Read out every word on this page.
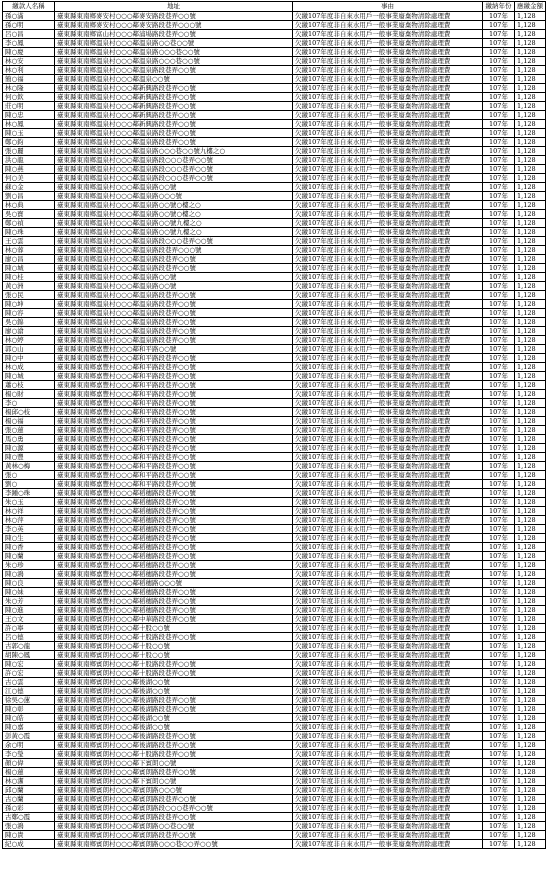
繳款人名稱	地址	事由	繳納年份	應繳金額
孫○滿	臺東縣東南鄉麥安村○○○鄰麥安路段巷弄○○號	欠繳107年度非自來水用戶一般事業廢棄物清除處理費	107年	1,128
孫○明	臺東縣東南鄉麥安村○○○鄰麥安路段巷弄○○○號	欠繳107年度非自來水用戶一般事業廢棄物清除處理費	107年	1,128
呂○昌	臺東縣東南鄉富山村○○○鄰浦場路段巷弄○○號	欠繳107年度非自來水用戶一般事業廢棄物清除處理費	107年	1,128
李○鳳	臺東縣東南鄉溫泉村○○○鄰溫泉路○○巷○○號	欠繳107年度非自來水用戶一般事業廢棄物清除處理費	107年	1,128
陳○慶	臺東縣東南鄉溫泉村○○○鄰溫泉路○○○巷○○號	欠繳107年度非自來水用戶一般事業廢棄物清除處理費	107年	1,128
林○安	臺東縣東南鄉溫泉村○○○鄰溫泉路○○○巷○○號	欠繳107年度非自來水用戶一般事業廢棄物清除處理費	107年	1,128
林○利	臺東縣東南鄉溫泉村○○○鄰溫泉路段巷弄○○號	欠繳107年度非自來水用戶一般事業廢棄物清除處理費	107年	1,128
簡○福	臺東縣東南鄉溫泉村○○○鄰溫泉○○號	欠繳107年度非自來水用戶一般事業廢棄物清除處理費	107年	1,128
林○隆	臺東縣東南鄉溫泉村○○○鄰新興路段巷弄○○號	欠繳107年度非自來水用戶一般事業廢棄物清除處理費	107年	1,128
何○欽	臺東縣東南鄉溫泉村○○○鄰新興路段巷弄○○號	欠繳107年度非自來水用戶一般事業廢棄物清除處理費	107年	1,128
莊○明	臺東縣東南鄉溫泉村○○○鄰新興路段巷弄○○號	欠繳107年度非自來水用戶一般事業廢棄物清除處理費	107年	1,128
陳○忠	臺東縣東南鄉溫泉村○○○鄰新興路段巷弄○○號	欠繳107年度非自來水用戶一般事業廢棄物清除處理費	107年	1,128
林○鳳	臺東縣東南鄉溫泉村○○○鄰新興路段巷弄○○號	欠繳107年度非自來水用戶一般事業廢棄物清除處理費	107年	1,128
陳○玉	臺東縣東南鄉溫泉村○○○鄰溫泉路段巷弄○○號	欠繳107年度非自來水用戶一般事業廢棄物清除處理費	107年	1,128
鄭○鈞	臺東縣東南鄉溫泉村○○○鄰溫泉路段巷弄○○號	欠繳107年度非自來水用戶一般事業廢棄物清除處理費	107年	1,128
張○麗	臺東縣東南鄉溫泉村○○○鄰溫泉路○○○巷○○號九樓之○	欠繳107年度非自來水用戶一般事業廢棄物清除處理費	107年	1,128
洪○龍	臺東縣東南鄉溫泉村○○○鄰溫泉路段○○○巷弄○○號	欠繳107年度非自來水用戶一般事業廢棄物清除處理費	107年	1,128
陳○燕	臺東縣東南鄉溫泉村○○○鄰溫泉路段○○○巷弄○○號	欠繳107年度非自來水用戶一般事業廢棄物清除處理費	107年	1,128
何○美	臺東縣東南鄉溫泉村○○○鄰溫泉路段○○○巷弄○○號	欠繳107年度非自來水用戶一般事業廢棄物清除處理費	107年	1,128
蘇○金	臺東縣東南鄉溫泉村○○○鄰溫泉路○○號	欠繳107年度非自來水用戶一般事業廢棄物清除處理費	107年	1,128
劉○昌	臺東縣東南鄉溫泉村○○○鄰溫泉路○○○號	欠繳107年度非自來水用戶一般事業廢棄物清除處理費	107年	1,128
林○典	臺東縣東南鄉溫泉村○○○鄰溫泉路○○號○樓之○	欠繳107年度非自來水用戶一般事業廢棄物清除處理費	107年	1,128
吳○寶	臺東縣東南鄉溫泉村○○○鄰溫泉路○○號○樓之○	欠繳107年度非自來水用戶一般事業廢棄物清除處理費	107年	1,128
鄭○禎	臺東縣東南鄉溫泉村○○○鄰溫泉路○○號九樓之○	欠繳107年度非自來水用戶一般事業廢棄物清除處理費	107年	1,128
陳○珠	臺東縣東南鄉溫泉村○○○鄰溫泉路○○號九樓之○	欠繳107年度非自來水用戶一般事業廢棄物清除處理費	107年	1,128
王○雲	臺東縣東南鄉溫泉村○○○鄰溫泉路段○○○巷弄○○號	欠繳107年度非自來水用戶一般事業廢棄物清除處理費	107年	1,128
林○蓉	臺東縣東南鄉溫泉村○○○鄰溫泉路段巷弄○○○號	欠繳107年度非自來水用戶一般事業廢棄物清除處理費	107年	1,128
廖○昌	臺東縣東南鄉溫泉村○○○鄰溫泉路段巷弄○○號	欠繳107年度非自來水用戶一般事業廢棄物清除處理費	107年	1,128
陳○城	臺東縣東南鄉溫泉村○○○鄰溫泉路段巷弄○○號	欠繳107年度非自來水用戶一般事業廢棄物清除處理費	107年	1,128
陳○桂	臺東縣東南鄉溫泉村○○○鄰溫泉路○○號	欠繳107年度非自來水用戶一般事業廢棄物清除處理費	107年	1,128
黃○洲	臺東縣東南鄉溫泉村○○○鄰溫泉路○○號	欠繳107年度非自來水用戶一般事業廢棄物清除處理費	107年	1,128
張○民	臺東縣東南鄉溫泉村○○○鄰溫泉路段巷弄○○號	欠繳107年度非自來水用戶一般事業廢棄物清除處理費	107年	1,128
陳○坤	臺東縣東南鄉溫泉村○○○鄰溫泉路段巷弄○○號	欠繳107年度非自來水用戶一般事業廢棄物清除處理費	107年	1,128
陳○容	臺東縣東南鄉溫泉村○○○鄰溫泉路段巷弄○○號	欠繳107年度非自來水用戶一般事業廢棄物清除處理費	107年	1,128
吳○錦	臺東縣東南鄉溫泉村○○○鄰溫泉路段巷弄○○號	欠繳107年度非自來水用戶一般事業廢棄物清除處理費	107年	1,128
廖○滄	臺東縣東南鄉溫泉村○○○鄰溫泉路段巷弄○○號	欠繳107年度非自來水用戶一般事業廢棄物清除處理費	107年	1,128
林○婷	臺東縣東南鄉溫泉村○○○鄰溫泉路段巷弄○○號	欠繳107年度非自來水用戶一般事業廢棄物清除處理費	107年	1,128
郭○山	臺東縣東南鄉嘉豐村○○○鄰和平路○○號	欠繳107年度非自來水用戶一般事業廢棄物清除處理費	107年	1,128
陳○中	臺東縣東南鄉嘉豐村○○○鄰和平路段巷弄○○號	欠繳107年度非自來水用戶一般事業廢棄物清除處理費	107年	1,128
林○成	臺東縣東南鄉嘉豐村○○○鄰和平路段巷弄○○號	欠繳107年度非自來水用戶一般事業廢棄物清除處理費	107年	1,128
陳○城	臺東縣東南鄉嘉豐村○○○鄰和平路段巷弄○○號	欠繳107年度非自來水用戶一般事業廢棄物清除處理費	107年	1,128
蕭○枝	臺東縣東南鄉嘉豐村○○○鄰和平路段巷弄○○號	欠繳107年度非自來水用戶一般事業廢棄物清除處理費	107年	1,128
楊○財	臺東縣東南鄉嘉豐村○○○鄰和平路段巷弄○○號	欠繳107年度非自來水用戶一般事業廢棄物清除處理費	107年	1,128
李○	臺東縣東南鄉嘉豐村○○○鄰和平路段巷弄○○號	欠繳107年度非自來水用戶一般事業廢棄物清除處理費	107年	1,128
楊邱○枝	臺東縣東南鄉嘉豐村○○○鄰和平路段巷弄○○號	欠繳107年度非自來水用戶一般事業廢棄物清除處理費	107年	1,128
楊○福	臺東縣東南鄉嘉豐村○○○鄰和平路段巷弄○○號	欠繳107年度非自來水用戶一般事業廢棄物清除處理費	107年	1,128
張○蓮	臺東縣東南鄉嘉豐村○○○鄰和平路段巷弄○○號	欠繳107年度非自來水用戶一般事業廢棄物清除處理費	107年	1,128
馬○勇	臺東縣東南鄉嘉豐村○○○鄰和平路段巷弄○○號	欠繳107年度非自來水用戶一般事業廢棄物清除處理費	107年	1,128
陳○源	臺東縣東南鄉嘉豐村○○○鄰和平路段巷弄○○號	欠繳107年度非自來水用戶一般事業廢棄物清除處理費	107年	1,128
陳○豐	臺東縣東南鄉嘉豐村○○○鄰和平路段巷弄○○號	欠繳107年度非自來水用戶一般事業廢棄物清除處理費	107年	1,128
黃林○梅	臺東縣東南鄉嘉豐村○○○鄰和平路段巷弄○○號	欠繳107年度非自來水用戶一般事業廢棄物清除處理費	107年	1,128
張○	臺東縣東南鄉嘉豐村○○○鄰和平路段巷弄○○號	欠繳107年度非自來水用戶一般事業廢棄物清除處理費	107年	1,128
劉○	臺東縣東南鄉嘉豐村○○○鄰和平路段巷弄○○號	欠繳107年度非自來水用戶一般事業廢棄物清除處理費	107年	1,128
李鍾○珠	臺東縣東南鄉嘉豐村○○○鄰稻穗路段巷弄○○號	欠繳107年度非自來水用戶一般事業廢棄物清除處理費	107年	1,128
朱○玉	臺東縣東南鄉嘉豐村○○○鄰稻穗路段巷弄○○號	欠繳107年度非自來水用戶一般事業廢棄物清除處理費	107年	1,128
林○祥	臺東縣東南鄉嘉豐村○○○鄰稻穗路段巷弄○○號	欠繳107年度非自來水用戶一般事業廢棄物清除處理費	107年	1,128
林○萍	臺東縣東南鄉嘉豐村○○○鄰稻穗路段巷弄○○號	欠繳107年度非自來水用戶一般事業廢棄物清除處理費	107年	1,128
李○英	臺東縣東南鄉嘉豐村○○○鄰稻穗路段巷弄○○號	欠繳107年度非自來水用戶一般事業廢棄物清除處理費	107年	1,128
陳○生	臺東縣東南鄉嘉豐村○○○鄰稻穗路段巷弄○○號	欠繳107年度非自來水用戶一般事業廢棄物清除處理費	107年	1,128
陳○香	臺東縣東南鄉嘉豐村○○○鄰稻穗路段巷弄○○號	欠繳107年度非自來水用戶一般事業廢棄物清除處理費	107年	1,128
陳○蘭	臺東縣東南鄉嘉豐村○○○鄰稻穗路段巷弄○○號	欠繳107年度非自來水用戶一般事業廢棄物清除處理費	107年	1,128
朱○珍	臺東縣東南鄉嘉豐村○○○鄰稻穗路段巷弄○○號	欠繳107年度非自來水用戶一般事業廢棄物清除處理費	107年	1,128
陳○鴻	臺東縣東南鄉嘉豐村○○○鄰稻穗路段巷弄○○號	欠繳107年度非自來水用戶一般事業廢棄物清除處理費	107年	1,128
陳○良	臺東縣東南鄉嘉豐村○○○鄰稻穗路○○○號	欠繳107年度非自來水用戶一般事業廢棄物清除處理費	107年	1,128
陳○妹	臺東縣東南鄉嘉豐村○○○鄰稻穗路段巷弄○○號	欠繳107年度非自來水用戶一般事業廢棄物清除處理費	107年	1,128
朱○芳	臺東縣東南鄉嘉豐村○○○鄰稻穗路段巷弄○○號	欠繳107年度非自來水用戶一般事業廢棄物清除處理費	107年	1,128
陳○進	臺東縣東南鄉嘉豐村○○○鄰稻穗路段巷弄○○號	欠繳107年度非自來水用戶一般事業廢棄物清除處理費	107年	1,128
王○文	臺東縣東南鄉賓朗村○○○鄰中華路段巷弄○○號	欠繳107年度非自來水用戶一般事業廢棄物清除處理費	107年	1,128
許○寧	臺東縣東南鄉賓朗村○○○鄰十股○○號	欠繳107年度非自來水用戶一般事業廢棄物清除處理費	107年	1,128
呂○德	臺東縣東南鄉賓朗村○○○鄰十股路段巷弄○○號	欠繳107年度非自來水用戶一般事業廢棄物清除處理費	107年	1,128
古郭○龍	臺東縣東南鄉賓朗村○○○鄰十股○○號	欠繳107年度非自來水用戶一般事業廢棄物清除處理費	107年	1,128
胡陳○鳳	臺東縣東南鄉賓朗村○○○鄰十股○○號	欠繳107年度非自來水用戶一般事業廢棄物清除處理費	107年	1,128
陳○宏	臺東縣東南鄉賓朗村○○○鄰十股路段巷弄○○號	欠繳107年度非自來水用戶一般事業廢棄物清除處理費	107年	1,128
許○宏	臺東縣東南鄉賓朗村○○○鄰十股路段巷弄○○號	欠繳107年度非自來水用戶一般事業廢棄物清除處理費	107年	1,128
古○雲	臺東縣東南鄉賓朗村○○○鄰後湖○○號	欠繳107年度非自來水用戶一般事業廢棄物清除處理費	107年	1,128
江○德	臺東縣東南鄉賓朗村○○○鄰後湖○○號	欠繳107年度非自來水用戶一般事業廢棄物清除處理費	107年	1,128
徐吳○蓮	臺東縣東南鄉賓朗村○○○鄰後湖路段巷弄○○號	欠繳107年度非自來水用戶一般事業廢棄物清除處理費	107年	1,128
陳○彰	臺東縣東南鄉賓朗村○○○鄰後湖路段巷弄○○號	欠繳107年度非自來水用戶一般事業廢棄物清除處理費	107年	1,128
陳○皓	臺東縣東南鄉賓朗村○○○鄰後湖○○號	欠繳107年度非自來水用戶一般事業廢棄物清除處理費	107年	1,128
陳○嘉	臺東縣東南鄉賓朗村○○○鄰後湖○○號	欠繳107年度非自來水用戶一般事業廢棄物清除處理費	107年	1,128
彭黃○霞	臺東縣東南鄉賓朗村○○○鄰後湖路段巷弄○○號	欠繳107年度非自來水用戶一般事業廢棄物清除處理費	107年	1,128
余○明	臺東縣東南鄉賓朗村○○○鄰後湖路段巷弄○○號	欠繳107年度非自來水用戶一般事業廢棄物清除處理費	107年	1,128
李○瑩	臺東縣東南鄉賓朗村○○○鄰十股路段巷弄○○號	欠繳107年度非自來水用戶一般事業廢棄物清除處理費	107年	1,128
顏○偉	臺東縣東南鄉賓朗村○○○鄰下賓朗○○號	欠繳107年度非自來水用戶一般事業廢棄物清除處理費	107年	1,128
楊○蓮	臺東縣東南鄉賓朗村○○○鄰賓朗路段巷弄○○號	欠繳107年度非自來水用戶一般事業廢棄物清除處理費	107年	1,128
林○潔	臺東縣東南鄉賓朗村○○○鄰下賓朗○○號	欠繳107年度非自來水用戶一般事業廢棄物清除處理費	107年	1,128
邱○蘭	臺東縣東南鄉賓朗村○○○鄰賓朗路○○○號	欠繳107年度非自來水用戶一般事業廢棄物清除處理費	107年	1,128
古○蘭	臺東縣東南鄉賓朗村○○○鄰賓朗路段巷弄○○號	欠繳107年度非自來水用戶一般事業廢棄物清除處理費	107年	1,128
孫○彩	臺東縣東南鄉賓朗村○○○鄰賓朗路段○○○巷弄○○號	欠繳107年度非自來水用戶一般事業廢棄物清除處理費	107年	1,128
古鄭○霞	臺東縣東南鄉賓朗村○○○鄰賓朗路段巷弄○○號	欠繳107年度非自來水用戶一般事業廢棄物清除處理費	107年	1,128
張○鴻	臺東縣東南鄉賓朗村○○○鄰賓朗路○○巷○○號	欠繳107年度非自來水用戶一般事業廢棄物清除處理費	107年	1,128
陳○貴	臺東縣東南鄉賓朗村○○○鄰賓朗路段巷弄○○號	欠繳107年度非自來水用戶一般事業廢棄物清除處理費	107年	1,128
紀○成	臺東縣東南鄉賓朗村○○○鄰賓朗路○○○巷○○弄○○號	欠繳107年度非自來水用戶一般事業廢棄物清除處理費	107年	1,128
